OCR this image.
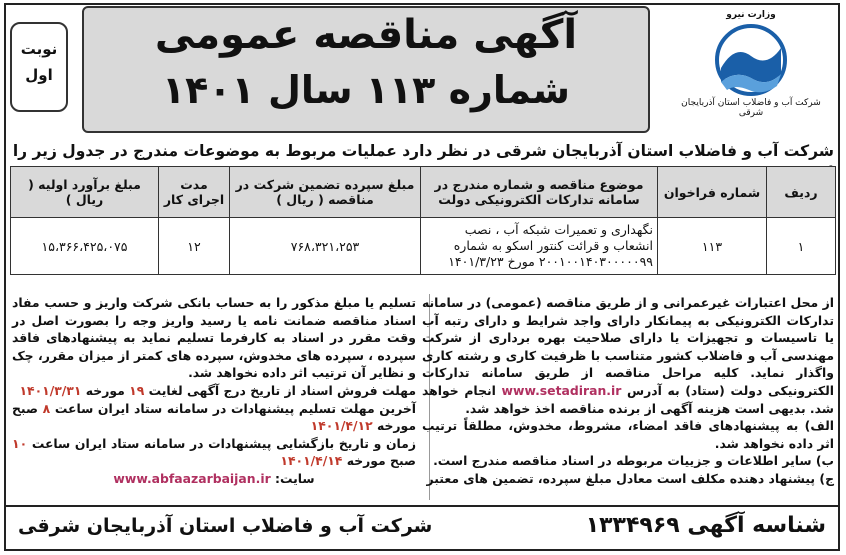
نوبت
اول
آگهی مناقصه عمومی
شماره ۱۱۳ سال ۱۴۰۱
وزارت نیرو
شرکت آب و فاضلاب استان آذربایجان شرقی
شرکت آب و فاضلاب استان آذربایجان شرقی در نظر دارد عملیات مربوط به موضوعات مندرج در جدول زیر را
ردیف	شماره فراخوان	موضوع مناقصه و شماره مندرج در سامانه تدارکات الکترونیکی دولت	مبلغ سپرده تضمین شرکت در مناقصه ( ریال )	مدت اجرای کار	مبلغ برآورد اولیه ( ریال )
۱	۱۱۳	نگهداری و تعمیرات شبکه آب ، نصب انشعاب و قرائت کنتور اسکو به شماره ۲۰۰۱۰۰۱۴۰۳۰۰۰۰۰۹۹ مورخ ۱۴۰۱/۳/۲۳	۷۶۸،۳۲۱،۲۵۳	۱۲	۱۵،۳۶۶،۴۲۵،۰۷۵

از محل اعتبارات غیرعمرانی و از طریق مناقصه (عمومی) در سامانه تدارکات الکترونیکی به پیمانکار دارای واجد شرایط و دارای رتبه آب یا تاسیسات و تجهیزات یا دارای صلاحیت بهره برداری از شرکت مهندسی آب و فاضلاب کشور متناسب با ظرفیت کاری و رشته کاری واگذار نماید. کلیه مراحل مناقصه از طریق سامانه تدارکات الکترونیکی دولت (ستاد) به آدرس www.setadiran.ir انجام خواهد شد. بدیهی است هزینه آگهی از برنده مناقصه اخذ خواهد شد.

الف) به پیشنهادهای فاقد امضاء، مشروط، مخدوش، مطلقاً ترتیب اثر داده نخواهد شد.

ب) سایر اطلاعات و جزییات مربوطه در اسناد مناقصه مندرج است.

ج) پیشنهاد دهنده مکلف است معادل مبلغ سپرده، تضمین های معتبر

تسلیم یا مبلغ مذکور را به حساب بانکی شرکت واریز و حسب مفاد اسناد مناقصه ضمانت نامه یا رسید واریز وجه را بصورت اصل در وقت مقرر در اسناد به کارفرما تسلیم نماید به پیشنهادهای فاقد سپرده ، سپرده های مخدوش، سپرده های کمتر از میزان مقرر، چک و نظایر آن ترتیب اثر داده نخواهد شد.

مهلت فروش اسناد از تاریخ درج آگهی لغایت ۱۹ مورخه ۱۴۰۱/۳/۳۱

آخرین مهلت تسلیم پیشنهادات در سامانه ستاد ایران ساعت ۸ صبح مورخه ۱۴۰۱/۴/۱۲

زمان و تاریخ بازگشایی پیشنهادات در سامانه ستاد ایران ساعت ۱۰ صبح مورخه ۱۴۰۱/۴/۱۴

سایت: www.abfaazarbaijan.ir

شناسه آگهی ۱۳۳۴۹۶۹
شرکت آب و فاضلاب استان آذربایجان شرقی
